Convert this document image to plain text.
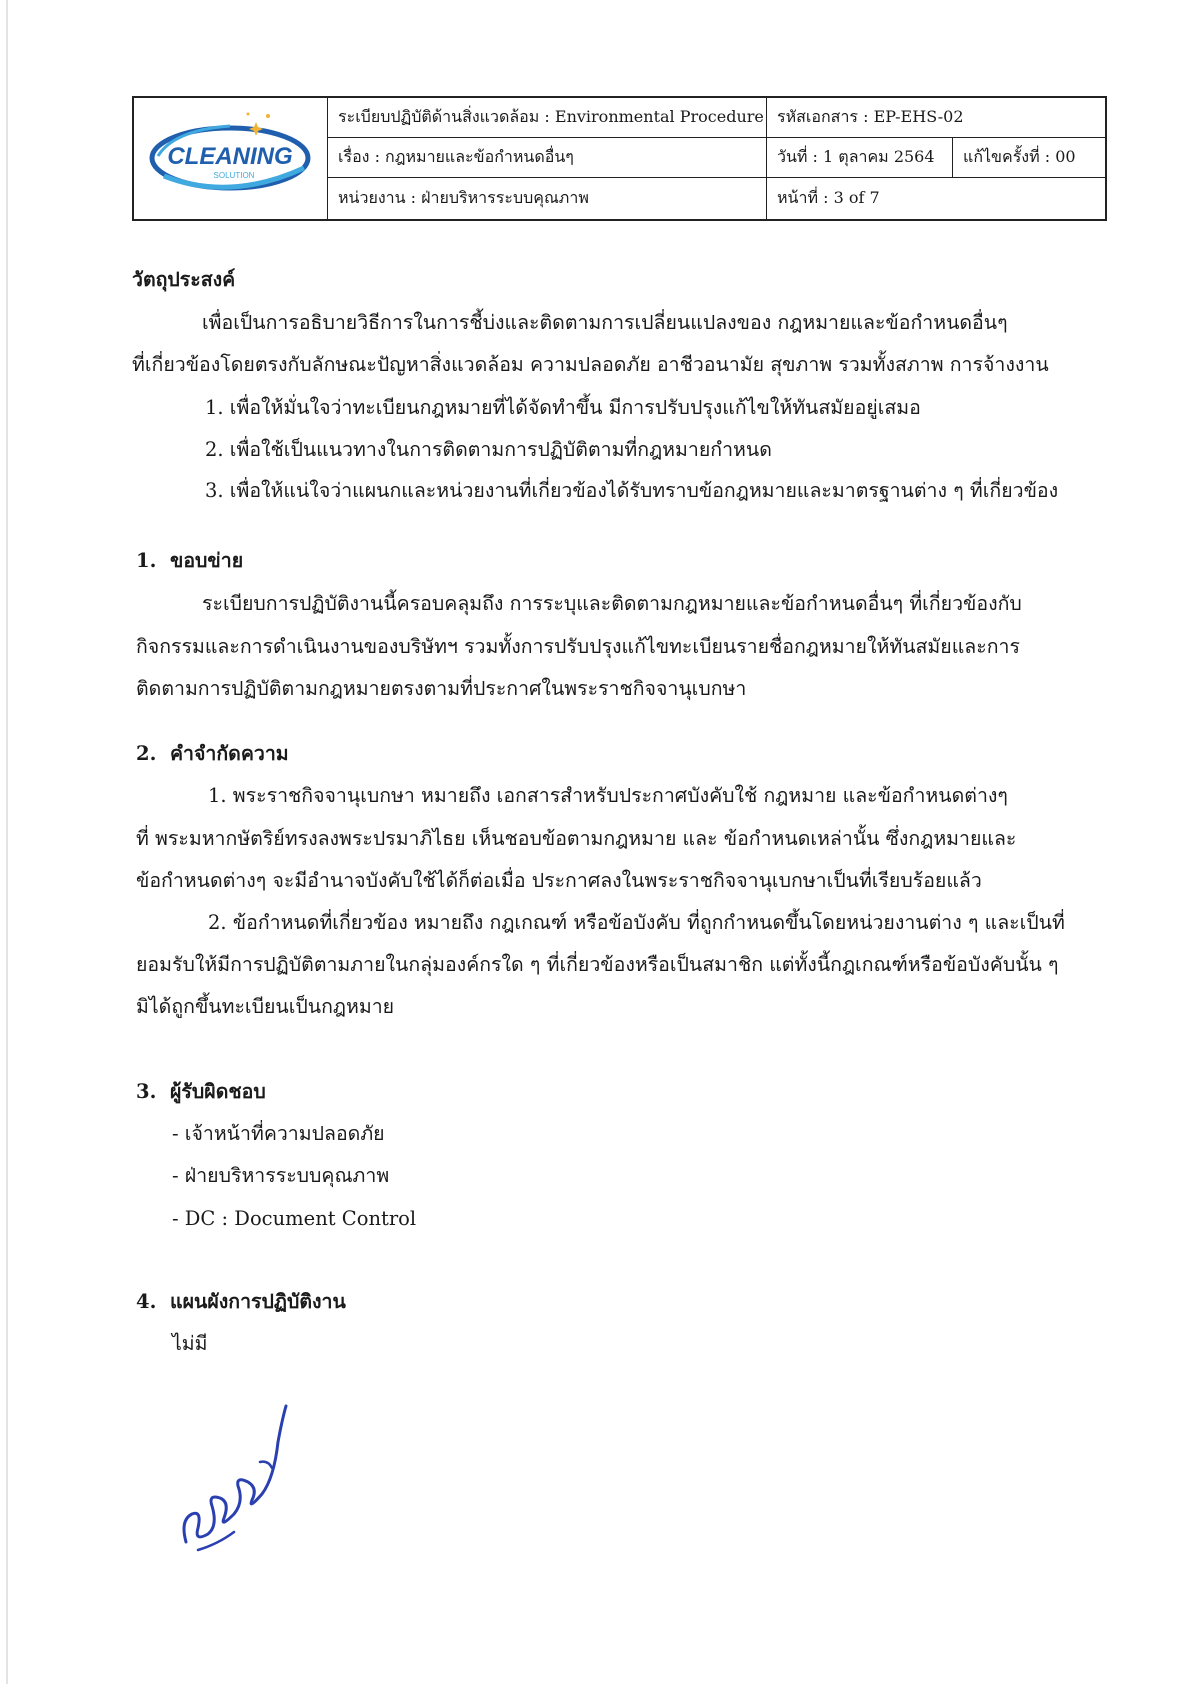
CLEANING
SOLUTION
ระเบียบปฏิบัติด้านสิ่งแวดล้อม : Environmental Procedure รหัสเอกสาร : EP-EHS-02
เรื่อง : กฎหมายและข้อกำหนดอื่นๆ	วันที่ : 1 ตุลาคม 2564	แก้ไขครั้งที่ : 00
หน่วยงาน : ฝ่ายบริหารระบบคุณภาพ	หน้าที่ : 3 of 7
วัตถุประสงค์
เพื่อเป็นการอธิบายวิธีการในการชี้บ่งและติดตามการเปลี่ยนแปลงของ กฎหมายและข้อกำหนดอื่นๆ
ที่เกี่ยวข้องโดยตรงกับลักษณะปัญหาสิ่งแวดล้อม ความปลอดภัย อาชีวอนามัย สุขภาพ รวมทั้งสภาพ การจ้างงาน
1. เพื่อให้มั่นใจว่าทะเบียนกฎหมายที่ได้จัดทำขึ้น มีการปรับปรุงแก้ไขให้ทันสมัยอยู่เสมอ
2. เพื่อใช้เป็นแนวทางในการติดตามการปฏิบัติตามที่กฎหมายกำหนด
3. เพื่อให้แน่ใจว่าแผนกและหน่วยงานที่เกี่ยวข้องได้รับทราบข้อกฎหมายและมาตรฐานต่าง ๆ ที่เกี่ยวข้อง
1. ขอบข่าย
ระเบียบการปฏิบัติงานนี้ครอบคลุมถึง การระบุและติดตามกฎหมายและข้อกำหนดอื่นๆ ที่เกี่ยวข้องกับ
กิจกรรมและการดำเนินงานของบริษัทฯ รวมทั้งการปรับปรุงแก้ไขทะเบียนรายชื่อกฎหมายให้ทันสมัยและการ
ติดตามการปฏิบัติตามกฎหมายตรงตามที่ประกาศในพระราชกิจจานุเบกษา
2. คำจำกัดความ
1. พระราชกิจจานุเบกษา หมายถึง เอกสารสำหรับประกาศบังคับใช้ กฎหมาย และข้อกำหนดต่างๆ
ที่ พระมหากษัตริย์ทรงลงพระปรมาภิไธย เห็นชอบข้อตามกฎหมาย และ ข้อกำหนดเหล่านั้น ซึ่งกฎหมายและ
ข้อกำหนดต่างๆ จะมีอำนาจบังคับใช้ได้ก็ต่อเมื่อ ประกาศลงในพระราชกิจจานุเบกษาเป็นที่เรียบร้อยแล้ว
2. ข้อกำหนดที่เกี่ยวข้อง หมายถึง กฎเกณฑ์ หรือข้อบังคับ ที่ถูกกำหนดขึ้นโดยหน่วยงานต่าง ๆ และเป็นที่
ยอมรับให้มีการปฏิบัติตามภายในกลุ่มองค์กรใด ๆ ที่เกี่ยวข้องหรือเป็นสมาชิก แต่ทั้งนี้กฎเกณฑ์หรือข้อบังคับนั้น ๆ
มิได้ถูกขึ้นทะเบียนเป็นกฎหมาย
3. ผู้รับผิดชอบ
- เจ้าหน้าที่ความปลอดภัย
- ฝ่ายบริหารระบบคุณภาพ
- DC : Document Control
4. แผนผังการปฏิบัติงาน
ไม่มี
